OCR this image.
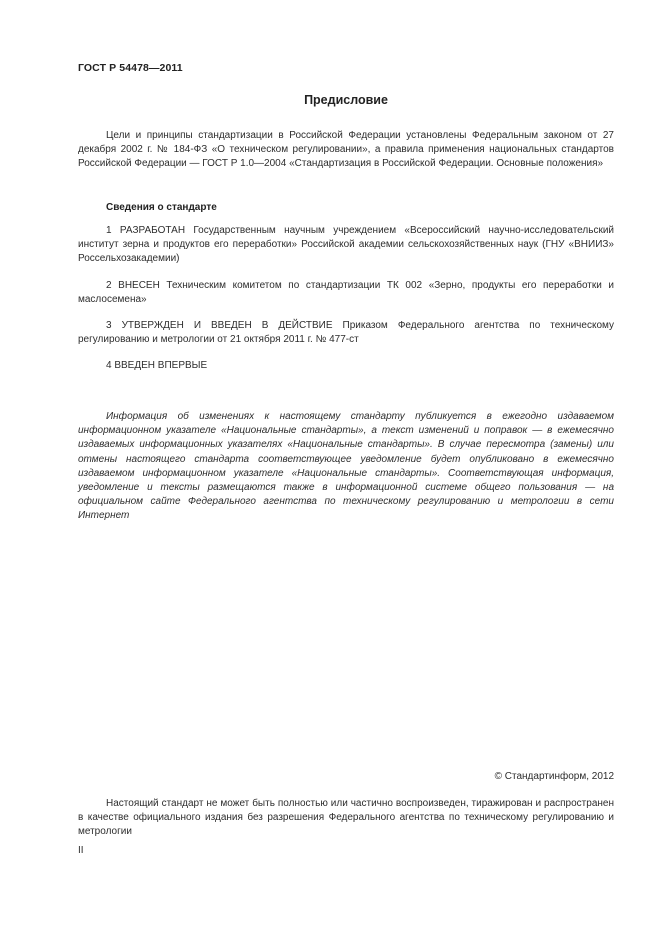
ГОСТ Р 54478—2011
Предисловие

Цели и принципы стандартизации в Российской Федерации установлены Федеральным законом от 27 декабря 2002 г. № 184-ФЗ «О техническом регулировании», а правила применения национальных стандартов Российской Федерации — ГОСТ Р 1.0—2004 «Стандартизация в Российской Федерации. Основные положения»

Сведения о стандарте

1 РАЗРАБОТАН Государственным научным учреждением «Всероссийский научно-исследовательский институт зерна и продуктов его переработки» Российской академии сельскохозяйственных наук (ГНУ «ВНИИЗ» Россельхозакадемии)

2 ВНЕСЕН Техническим комитетом по стандартизации ТК 002 «Зерно, продукты его переработки и маслосемена»

3 УТВЕРЖДЕН И ВВЕДЕН В ДЕЙСТВИЕ Приказом Федерального агентства по техническому регулированию и метрологии от 21 октября 2011 г. № 477-ст

4 ВВЕДЕН ВПЕРВЫЕ

Информация об изменениях к настоящему стандарту публикуется в ежегодно издаваемом информационном указателе «Национальные стандарты», а текст изменений и поправок — в ежемесячно издаваемых информационных указателях «Национальные стандарты». В случае пересмотра (замены) или отмены настоящего стандарта соответствующее уведомление будет опубликовано в ежемесячно издаваемом информационном указателе «Национальные стандарты». Соответствующая информация, уведомление и тексты размещаются также в информационной системе общего пользования — на официальном сайте Федерального агентства по техническому регулированию и метрологии в сети Интернет

© Стандартинформ, 2012

Настоящий стандарт не может быть полностью или частично воспроизведен, тиражирован и распространен в качестве официального издания без разрешения Федерального агентства по техническому регулированию и метрологии

II
